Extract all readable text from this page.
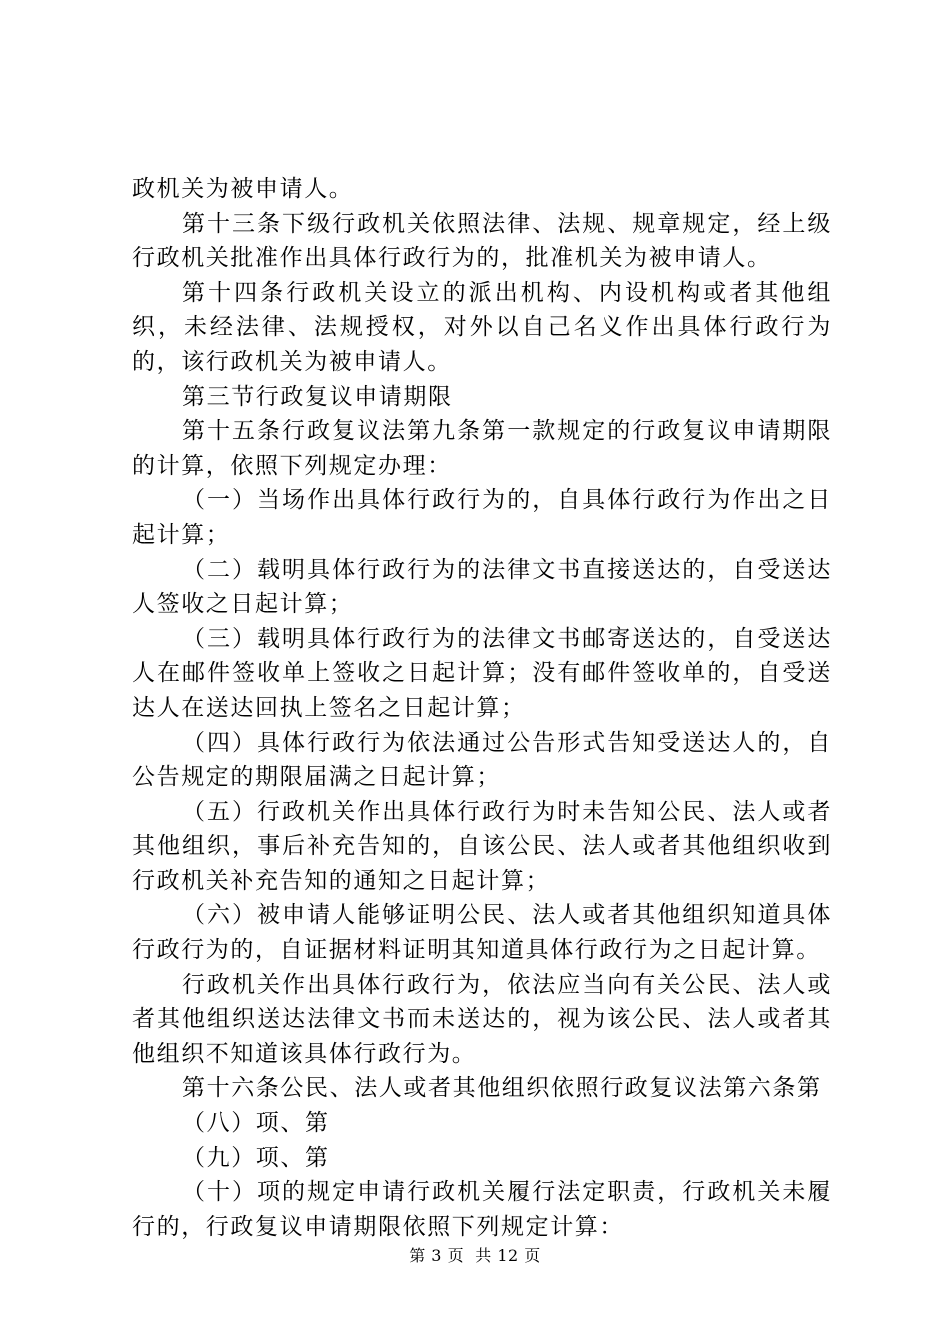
政机关为被申请人。

第十三条下级行政机关依照法律、法规、规章规定，经上级行政机关批准作出具体行政行为的，批准机关为被申请人。

第十四条行政机关设立的派出机构、内设机构或者其他组织，未经法律、法规授权，对外以自己名义作出具体行政行为的，该行政机关为被申请人。

第三节行政复议申请期限

第十五条行政复议法第九条第一款规定的行政复议申请期限的计算，依照下列规定办理：

（一）当场作出具体行政行为的，自具体行政行为作出之日起计算；

（二）载明具体行政行为的法律文书直接送达的，自受送达人签收之日起计算；

（三）载明具体行政行为的法律文书邮寄送达的，自受送达人在邮件签收单上签收之日起计算；没有邮件签收单的，自受送达人在送达回执上签名之日起计算；

（四）具体行政行为依法通过公告形式告知受送达人的，自公告规定的期限届满之日起计算；

（五）行政机关作出具体行政行为时未告知公民、法人或者其他组织，事后补充告知的，自该公民、法人或者其他组织收到行政机关补充告知的通知之日起计算；

（六）被申请人能够证明公民、法人或者其他组织知道具体行政行为的，自证据材料证明其知道具体行政行为之日起计算。

行政机关作出具体行政行为，依法应当向有关公民、法人或者其他组织送达法律文书而未送达的，视为该公民、法人或者其他组织不知道该具体行政行为。

第十六条公民、法人或者其他组织依照行政复议法第六条第

（八）项、第

（九）项、第

（十）项的规定申请行政机关履行法定职责，行政机关未履行的，行政复议申请期限依照下列规定计算：

第 3 页  共 12 页
